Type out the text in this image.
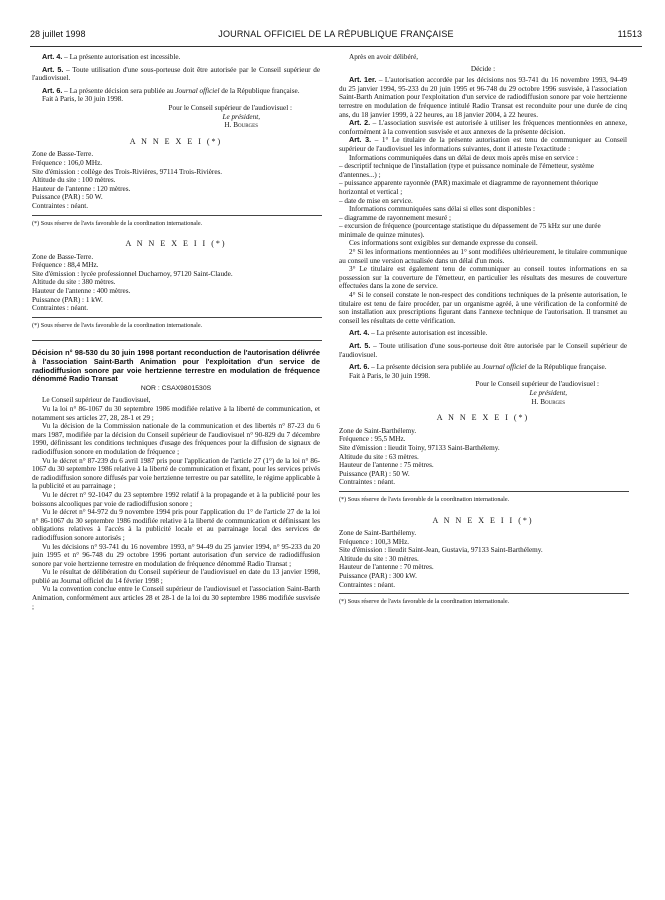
28 juillet 1998	JOURNAL OFFICIEL DE LA RÉPUBLIQUE FRANÇAISE	11513

Art. 4. – La présente autorisation est incessible.

Art. 5. – Toute utilisation d'une sous-porteuse doit être autorisée par le Conseil supérieur de l'audiovisuel.

Art. 6. – La présente décision sera publiée au Journal officiel de la République française.

Fait à Paris, le 30 juin 1998.

Pour le Conseil supérieur de l'audiovisuel :

Le président,

H. Bourges

A N N E X E I (*)

Zone de Basse-Terre.

Fréquence : 106,0 MHz.

Site d'émission : collège des Trois-Rivières, 97114 Trois-Rivières.

Altitude du site : 100 mètres.

Hauteur de l'antenne : 120 mètres.

Puissance (PAR) : 50 W.

Contraintes : néant.

(*) Sous réserve de l'avis favorable de la coordination internationale.

A N N E X E I I (*)

Zone de Basse-Terre.

Fréquence : 88,4 MHz.

Site d'émission : lycée professionnel Ducharnoy, 97120 Saint-Claude.

Altitude du site : 380 mètres.

Hauteur de l'antenne : 400 mètres.

Puissance (PAR) : 1 kW.

Contraintes : néant.

(*) Sous réserve de l'avis favorable de la coordination internationale.

Décision n° 98-530 du 30 juin 1998 portant reconduction de l'autorisation délivrée à l'association Saint-Barth Animation pour l'exploitation d'un service de radiodiffusion sonore par voie hertzienne terrestre en modulation de fréquence dénommé Radio Transat
NOR : CSAX9801530S

Le Conseil supérieur de l'audiovisuel,

Vu la loi n° 86-1067 du 30 septembre 1986 modifiée relative à la liberté de communication, et notamment ses articles 27, 28, 28-1 et 29 ;

Vu la décision de la Commission nationale de la communication et des libertés n° 87-23 du 6 mars 1987, modifiée par la décision du Conseil supérieur de l'audiovisuel n° 90-829 du 7 décembre 1990, définissant les conditions techniques d'usage des fréquences pour la diffusion de signaux de radiodiffusion sonore en modulation de fréquence ;

Vu le décret n° 87-239 du 6 avril 1987 pris pour l'application de l'article 27 (1°) de la loi n° 86-1067 du 30 septembre 1986 relative à la liberté de communication et fixant, pour les services privés de radiodiffusion sonore diffusés par voie hertzienne terrestre ou par satellite, le régime applicable à la publicité et au parrainage ;

Vu le décret n° 92-1047 du 23 septembre 1992 relatif à la propagande et à la publicité pour les boissons alcooliques par voie de radiodiffusion sonore ;

Vu le décret n° 94-972 du 9 novembre 1994 pris pour l'application du 1° de l'article 27 de la loi n° 86-1067 du 30 septembre 1986 modifiée relative à la liberté de communication et définissant les obligations relatives à l'accès à la publicité locale et au parrainage local des services de radiodiffusion sonore autorisés ;

Vu les décisions n° 93-741 du 16 novembre 1993, n° 94-49 du 25 janvier 1994, n° 95-233 du 20 juin 1995 et n° 96-748 du 29 octobre 1996 portant autorisation d'un service de radiodiffusion sonore par voie hertzienne terrestre en modulation de fréquence dénommé Radio Transat ;

Vu le résultat de délibération du Conseil supérieur de l'audiovisuel en date du 13 janvier 1998, publié au Journal officiel du 14 février 1998 ;

Vu la convention conclue entre le Conseil supérieur de l'audiovisuel et l'association Saint-Barth Animation, conformément aux articles 28 et 28-1 de la loi du 30 septembre 1986 modifiée susvisée ;

Après en avoir délibéré,

Décide :

Art. 1er. – L'autorisation accordée par les décisions nos 93-741 du 16 novembre 1993, 94-49 du 25 janvier 1994, 95-233 du 20 juin 1995 et 96-748 du 29 octobre 1996 susvisée, à l'association Saint-Barth Animation pour l'exploitation d'un service de radiodiffusion sonore par voie hertzienne terrestre en modulation de fréquence intitulé Radio Transat est reconduite pour une durée de cinq ans, du 18 janvier 1999, à 22 heures, au 18 janvier 2004, à 22 heures.

Art. 2. – L'association susvisée est autorisée à utiliser les fréquences mentionnées en annexe, conformément à la convention susvisée et aux annexes de la présente décision.

Art. 3. – 1° Le titulaire de la présente autorisation est tenu de communiquer au Conseil supérieur de l'audiovisuel les informations suivantes, dont il atteste l'exactitude :

Informations communiquées dans un délai de deux mois après mise en service :

– descriptif technique de l'installation (type et puissance nominale de l'émetteur, système d'antennes...) ;

– puissance apparente rayonnée (PAR) maximale et diagramme de rayonnement théorique horizontal et vertical ;

– date de mise en service.

Informations communiquées sans délai si elles sont disponibles :

– diagramme de rayonnement mesuré ;

– excursion de fréquence (pourcentage statistique du dépassement de 75 kHz sur une durée minimale de quinze minutes).

Ces informations sont exigibles sur demande expresse du conseil.

2° Si les informations mentionnées au 1° sont modifiées ultérieurement, le titulaire communique au conseil une version actualisée dans un délai d'un mois.

3° Le titulaire est également tenu de communiquer au conseil toutes informations en sa possession sur la couverture de l'émetteur, en particulier les résultats des mesures de couverture effectuées dans la zone de service.

4° Si le conseil constate le non-respect des conditions techniques de la présente autorisation, le titulaire est tenu de faire procéder, par un organisme agréé, à une vérification de la conformité de son installation aux prescriptions figurant dans l'annexe technique de l'autorisation. Il transmet au conseil les résultats de cette vérification.

Art. 4. – La présente autorisation est incessible.

Art. 5. – Toute utilisation d'une sous-porteuse doit être autorisée par le Conseil supérieur de l'audiovisuel.

Art. 6. – La présente décision sera publiée au Journal officiel de la République française.

Fait à Paris, le 30 juin 1998.

Pour le Conseil supérieur de l'audiovisuel :

Le président,

H. Bourges

A N N E X E I (*)

Zone de Saint-Barthélemy.

Fréquence : 95,5 MHz.

Site d'émission : lieudit Toiny, 97133 Saint-Barthélemy.

Altitude du site : 63 mètres.

Hauteur de l'antenne : 75 mètres.

Puissance (PAR) : 50 W.

Contraintes : néant.

(*) Sous réserve de l'avis favorable de la coordination internationale.

A N N E X E I I (*)

Zone de Saint-Barthélemy.

Fréquence : 100,3 MHz.

Site d'émission : lieudit Saint-Jean, Gustavia, 97133 Saint-Barthélemy.

Altitude du site : 30 mètres.

Hauteur de l'antenne : 70 mètres.

Puissance (PAR) : 300 kW.

Contraintes : néant.

(*) Sous réserve de l'avis favorable de la coordination internationale.
